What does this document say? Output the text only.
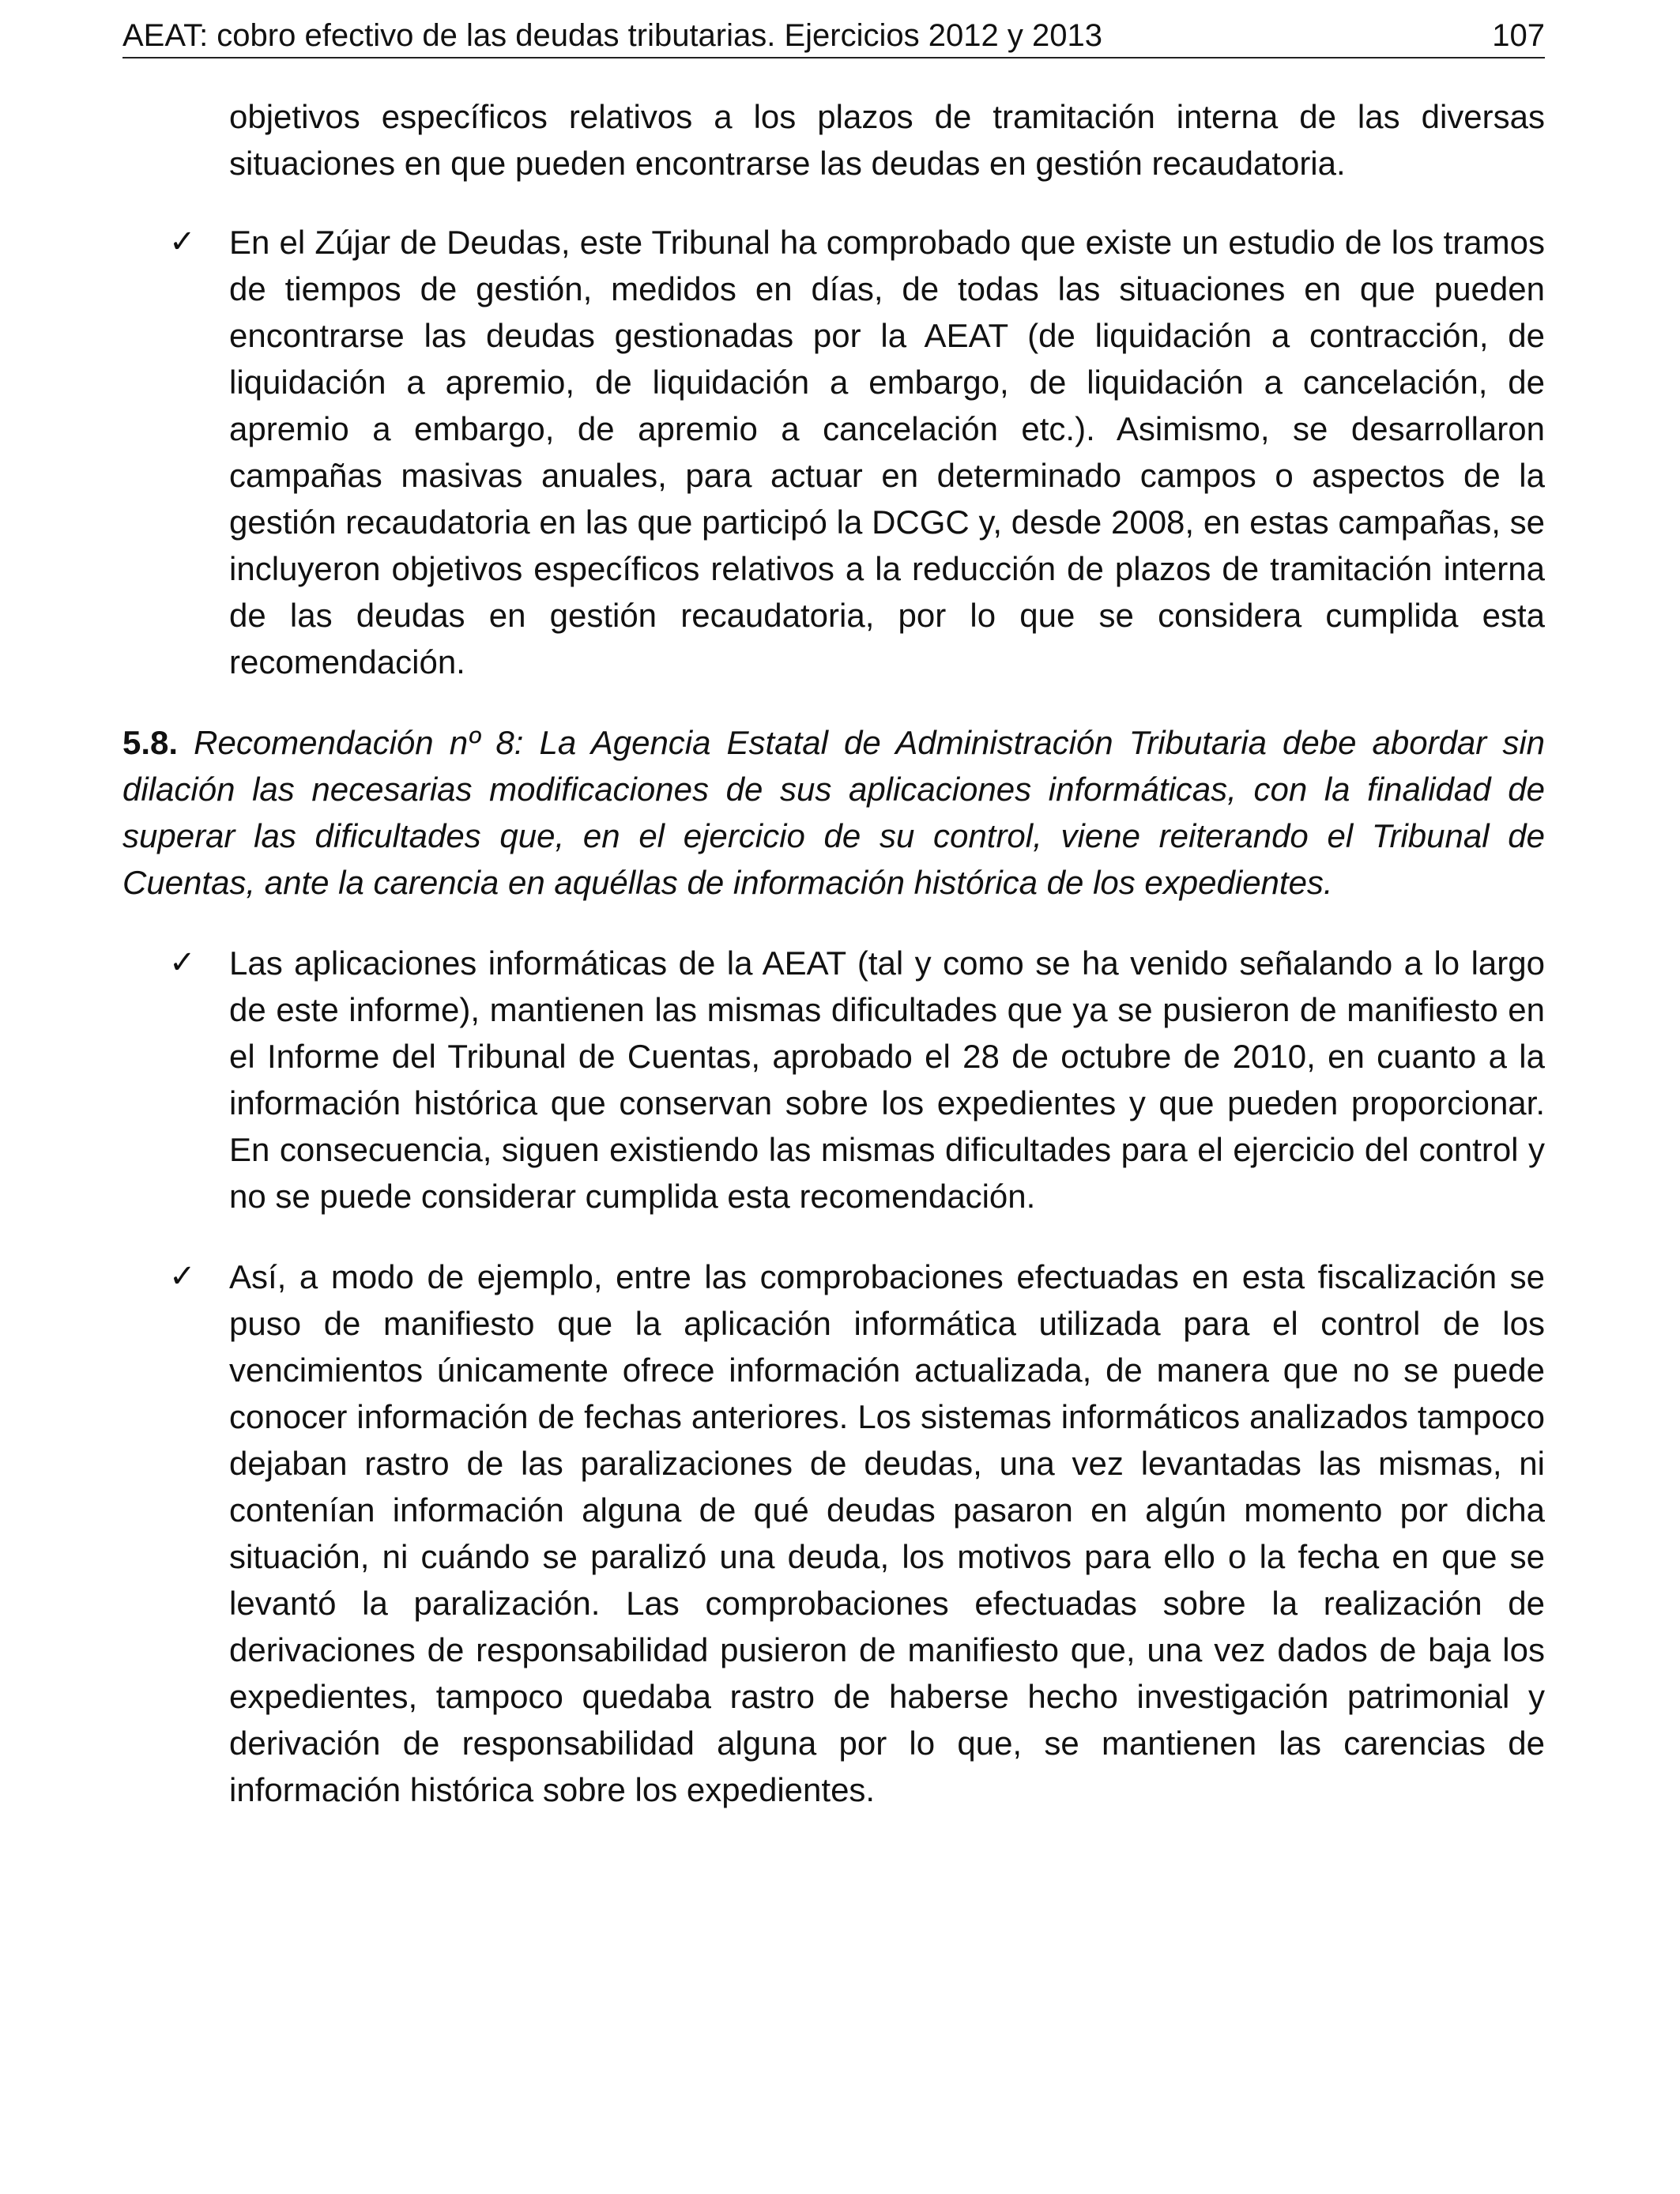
AEAT: cobro efectivo de las deudas tributarias. Ejercicios 2012 y 2013	107

objetivos específicos relativos a los plazos de tramitación interna de las diversas situaciones en que pueden encontrarse las deudas en gestión recaudatoria.

✓ En el Zújar de Deudas, este Tribunal ha comprobado que existe un estudio de los tramos de tiempos de gestión, medidos en días, de todas las situaciones en que pueden encontrarse las deudas gestionadas por la AEAT (de liquidación a contracción, de liquidación a apremio, de liquidación a embargo, de liquidación a cancelación, de apremio a embargo, de apremio a cancelación etc.). Asimismo, se desarrollaron campañas masivas anuales, para actuar en determinado campos o aspectos de la gestión recaudatoria en las que participó la DCGC y, desde 2008, en estas campañas, se incluyeron objetivos específicos relativos a la reducción de plazos de tramitación interna de las deudas en gestión recaudatoria, por lo que se considera cumplida esta recomendación.

5.8. Recomendación nº 8: La Agencia Estatal de Administración Tributaria debe abordar sin dilación las necesarias modificaciones de sus aplicaciones informáticas, con la finalidad de superar las dificultades que, en el ejercicio de su control, viene reiterando el Tribunal de Cuentas, ante la carencia en aquéllas de información histórica de los expedientes.

✓ Las aplicaciones informáticas de la AEAT (tal y como se ha venido señalando a lo largo de este informe), mantienen las mismas dificultades que ya se pusieron de manifiesto en el Informe del Tribunal de Cuentas, aprobado el 28 de octubre de 2010, en cuanto a la información histórica que conservan sobre los expedientes y que pueden proporcionar. En consecuencia, siguen existiendo las mismas dificultades para el ejercicio del control y no se puede considerar cumplida esta recomendación.

✓ Así, a modo de ejemplo, entre las comprobaciones efectuadas en esta fiscalización se puso de manifiesto que la aplicación informática utilizada para el control de los vencimientos únicamente ofrece información actualizada, de manera que no se puede conocer información de fechas anteriores. Los sistemas informáticos analizados tampoco dejaban rastro de las paralizaciones de deudas, una vez levantadas las mismas, ni contenían información alguna de qué deudas pasaron en algún momento por dicha situación, ni cuándo se paralizó una deuda, los motivos para ello o la fecha en que se levantó la paralización. Las comprobaciones efectuadas sobre la realización de derivaciones de responsabilidad pusieron de manifiesto que, una vez dados de baja los expedientes, tampoco quedaba rastro de haberse hecho investigación patrimonial y derivación de responsabilidad alguna por lo que, se mantienen las carencias de información histórica sobre los expedientes.
